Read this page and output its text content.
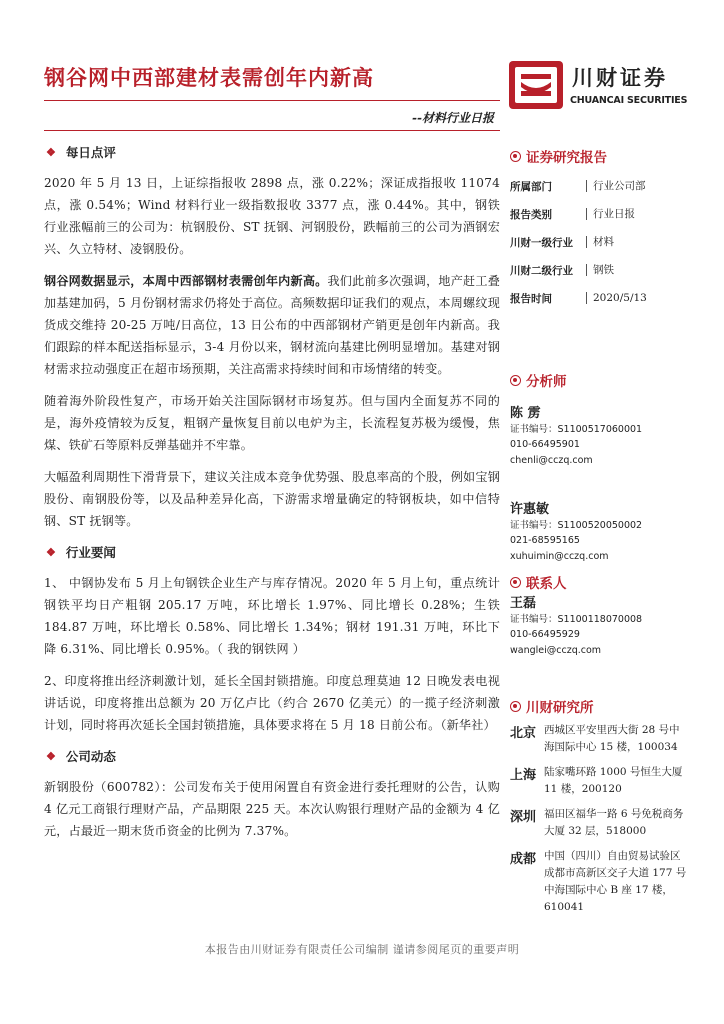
钢谷网中西部建材表需创年内新高
--材料行业日报
川财证券
CHUANCAI SECURITIES
❖ 每日点评

2020 年 5 月 13 日，上证综指报收 2898 点，涨 0.22%；深证成指报收 11074 点，涨 0.54%；Wind 材料行业一级指数报收 3377 点，涨 0.44%。其中，钢铁行业涨幅前三的公司为：杭钢股份、ST 抚钢、河钢股份，跌幅前三的公司为酒钢宏兴、久立特材、凌钢股份。

钢谷网数据显示，本周中西部钢材表需创年内新高。我们此前多次强调，地产赶工叠加基建加码，5 月份钢材需求仍将处于高位。高频数据印证我们的观点，本周螺纹现货成交维持 20-25 万吨/日高位，13 日公布的中西部钢材产销更是创年内新高。我们跟踪的样本配送指标显示，3-4 月份以来，钢材流向基建比例明显增加。基建对钢材需求拉动强度正在超市场预期，关注高需求持续时间和市场情绪的转变。

随着海外阶段性复产，市场开始关注国际钢材市场复苏。但与国内全面复苏不同的是，海外疫情较为反复，粗钢产量恢复目前以电炉为主，长流程复苏极为缓慢，焦煤、铁矿石等原料反弹基础并不牢靠。

大幅盈利周期性下滑背景下，建议关注成本竞争优势强、股息率高的个股，例如宝钢股份、南钢股份等，以及品种差异化高，下游需求增量确定的特钢板块，如中信特钢、ST 抚钢等。

❖ 行业要闻

1、 中钢协发布 5 月上旬钢铁企业生产与库存情况。2020 年 5 月上旬，重点统计钢铁平均日产粗钢 205.17 万吨，环比增长 1.97%、同比增长 0.28%；生铁 184.87 万吨，环比增长 0.58%、同比增长 1.34%；钢材 191.31 万吨，环比下降 6.31%、同比增长 0.95%。（ 我的钢铁网 ）

2、印度将推出经济刺激计划，延长全国封锁措施。印度总理莫迪 12 日晚发表电视讲话说，印度将推出总额为 20 万亿卢比（约合 2670 亿美元）的一揽子经济刺激计划，同时将再次延长全国封锁措施，具体要求将在 5 月 18 日前公布。（新华社）

❖ 公司动态

新钢股份（600782）：公司发布关于使用闲置自有资金进行委托理财的公告，认购 4 亿元工商银行理财产品，产品期限 225 天。本次认购银行理财产品的金额为 4 亿元，占最近一期末货币资金的比例为 7.37%。

证券研究报告
所属部门	行业公司部
报告类别	行业日报
川财一级行业	材料
川财二级行业	钢铁
报告时间	2020/5/13
分析师
陈 雳
证书编号：S1100517060001
010-66495901
chenli@cczq.com
许惠敏
证书编号：S1100520050002
021-68595165
xuhuimin@cczq.com
联系人
王磊
证书编号：S1100118070008
010-66495929
wanglei@cczq.com
川财研究所
北京 西城区平安里西大街 28 号中海国际中心 15 楼，100034
上海 陆家嘴环路 1000 号恒生大厦 11 楼，200120
深圳 福田区福华一路 6 号免税商务大厦 32 层，518000
成都 中国（四川）自由贸易试验区成都市高新区交子大道 177 号中海国际中心 B 座 17 楼，610041
本报告由川财证券有限责任公司编制 谨请参阅尾页的重要声明
